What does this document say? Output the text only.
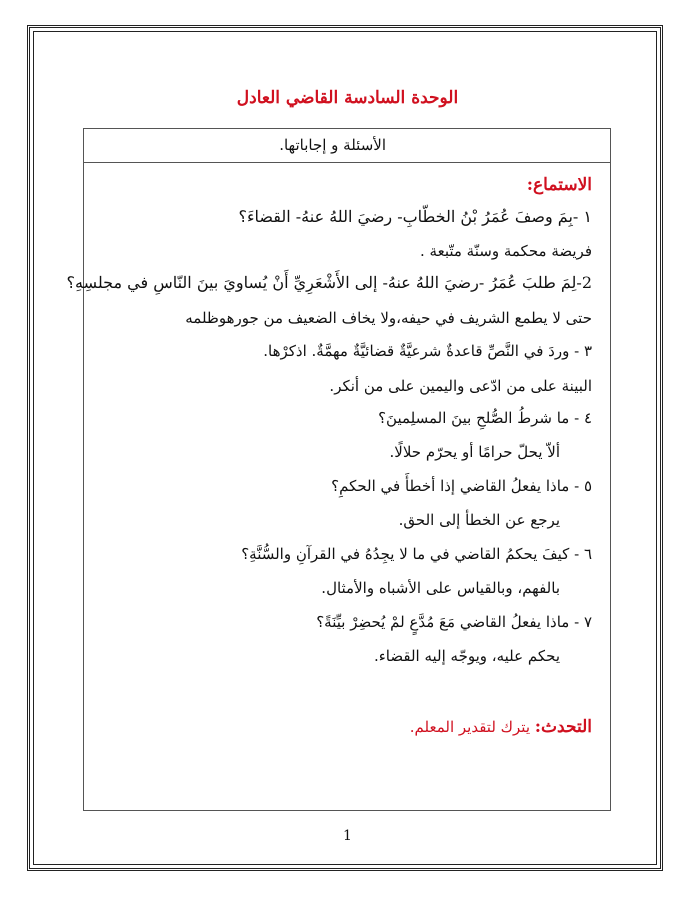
الوحدة السادسة القاضي العادل
الأسئلة و إجاباتها.
الاستماع:
١ -بِمَ وصفَ عُمَرُ بْنُ الخطّابِ- رضيَ اللهُ عنهُ- القضاءَ؟
فريضة محكمة وسنّة متّبعة .
2-لِمَ طلبَ عُمَرُ -رضيَ اللهُ عنهُ- إلى الأَشْعَرِيِّ أَنْ يُساويَ بينَ النّاسِ في مجلسِهِ؟
حتى لا يطمع الشريف في حيفه،ولا يخاف الضعيف من جورهوظلمه
٣ - وردَ في النَّصِّ قاعدةٌ شرعيَّةٌ قضائيَّةٌ مهمَّةٌ. اذكرْها.
البينة على من ادّعى واليمين على من أنكر.
٤ - ما شرطُ الصُّلحِ بينَ المسلِمينَ؟
ألاّ يحلّ حرامًا أو يحرّم حلالًا.
٥ - ماذا يفعلُ القاضي إذا أخطأَ في الحكمِ؟
يرجع عن الخطأ إلى الحق.
٦ - كيفَ يحكمُ القاضي في ما لا يجِدُهُ في القرآنِ والسُّنَّةِ؟
بالفهم، وبالقياس على الأشباه والأمثال.
٧ - ماذا يفعلُ القاضي مَعَ مُدَّعٍ لمْ يُحضِرْ بيِّنَةً؟
يحكم عليه، ويوجّه إليه القضاء.
التحدث: يترك لتقدير المعلم.
1
